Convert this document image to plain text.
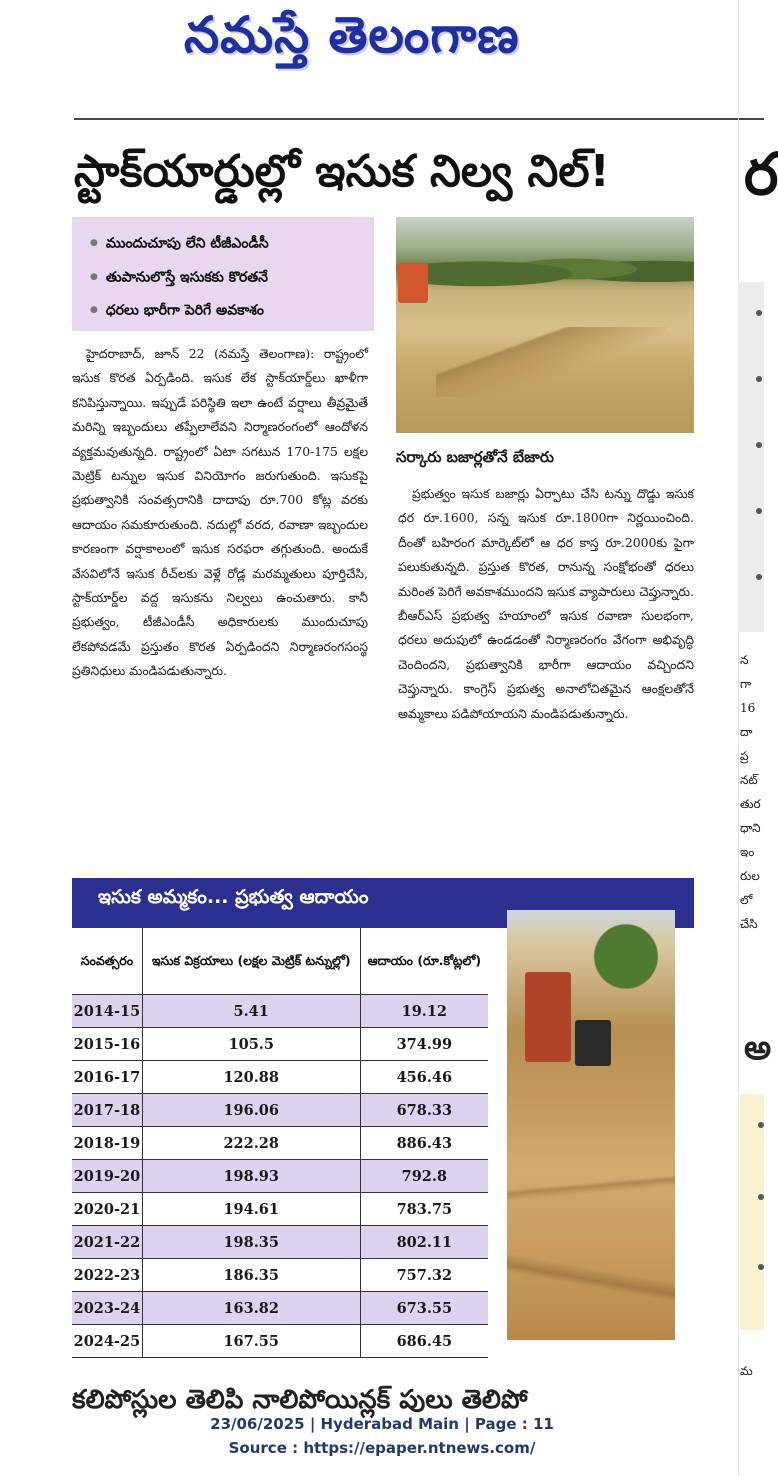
నమస్తే తెలంగాణ
స్టాక్‌యార్డుల్లో ఇసుక నిల్వ నిల్!
● ముందుచూపు లేని టీజీఎండీసీ
● తుపానులొస్తే ఇసుకకు కొరతనే
● ధరలు భారీగా పెరిగే అవకాశం
సర్కారు బజార్లతోనే బేజారు

హైదరాబాద్, జూన్ 22 (నమస్తే తెలంగాణ): రాష్ట్రంలో ఇసుక కొరత ఏర్పడింది. ఇసుక లేక స్టాక్‌యార్డ్‌లు ఖాళీగా కనిపిస్తున్నాయి. ఇప్పుడే పరిస్థితి ఇలా ఉంటే వర్షాలు తీవ్రమైతే మరిన్ని ఇబ్బందులు తప్పేలాలేవని నిర్మాణరంగంలో ఆందోళన వ్యక్తమవుతున్నది. రాష్ట్రంలో ఏటా సగటున 170-175 లక్షల మెట్రిక్ టన్నుల ఇసుక వినియోగం జరుగుతుంది. ఇసుకపై ప్రభుత్వానికి సంవత్సరానికి దాదాపు రూ.700 కోట్ల వరకు ఆదాయం సమకూరుతుంది. నదుల్లో వరద, రవాణా ఇబ్బందుల కారణంగా వర్షాకాలంలో ఇసుక సరఫరా తగ్గుతుంది. అందుకే వేసవిలోనే ఇసుక రీచ్‌లకు వెళ్లే రోడ్ల మరమ్మతులు పూర్తిచేసి, స్టాక్‌యార్డ్‌ల వద్ద ఇసుకను నిల్వలు ఉంచుతారు. కానీ ప్రభుత్వం, టీజీఎండీసీ అధికారులకు ముందుచూపు లేకపోవడమే ప్రస్తుతం కొరత ఏర్పడిందని నిర్మాణరంగసంస్థ ప్రతినిధులు మండిపడుతున్నారు.

ప్రభుత్వం ఇసుక బజార్లు ఏర్పాటు చేసి టన్ను దొడ్డు ఇసుక ధర రూ.1600, సన్న ఇసుక రూ.1800గా నిర్ణయించింది. దీంతో బహిరంగ మార్కెట్‌లో ఆ ధర కాస్త రూ.2000కు పైగా పలుకుతున్నది. ప్రస్తుత కొరత, రానున్న సంక్షోభంతో ధరలు మరింత పెరిగే అవకాశముందని ఇసుక వ్యాపారులు చెప్తున్నారు. బీఆర్‌ఎస్ ప్రభుత్వ హయాంలో ఇసుక రవాణా సులభంగా, ధరలు అదుపులో ఉండడంతో నిర్మాణరంగం వేగంగా అభివృద్ధి చెందిందని, ప్రభుత్వానికి భారీగా ఆదాయం వచ్చిందని చెప్తున్నారు. కాంగ్రెస్ ప్రభుత్వ అనాలోచితమైన ఆంక్షలతోనే అమ్మకాలు పడిపోయాయని మండిపడుతున్నారు.

ఇసుక అమ్మకం... ప్రభుత్వ ఆదాయం
సంవత్సరం	ఇసుక విక్రయాలు (లక్షల మెట్రిక్ టన్నుల్లో)	ఆదాయం (రూ.కోట్లలో)
2014-15	5.41	19.12
2015-16	105.5	374.99
2016-17	120.88	456.46
2017-18	196.06	678.33
2018-19	222.28	886.43
2019-20	198.93	792.8
2020-21	194.61	783.75
2021-22	198.35	802.11
2022-23	186.35	757.32
2023-24	163.82	673.55
2024-25	167.55	686.45
కలిపోస్లుల తెలిపి నాలిపోయిన్ల‌క్ పులు తెలిపో
ర
న
గా
16
దా
ప్ర
నట్
తుర
ధాని
ఇం
రుల
లో
చేసి
అ
మ
23/06/2025 | Hyderabad Main | Page : 11
Source : https://epaper.ntnews.com/
